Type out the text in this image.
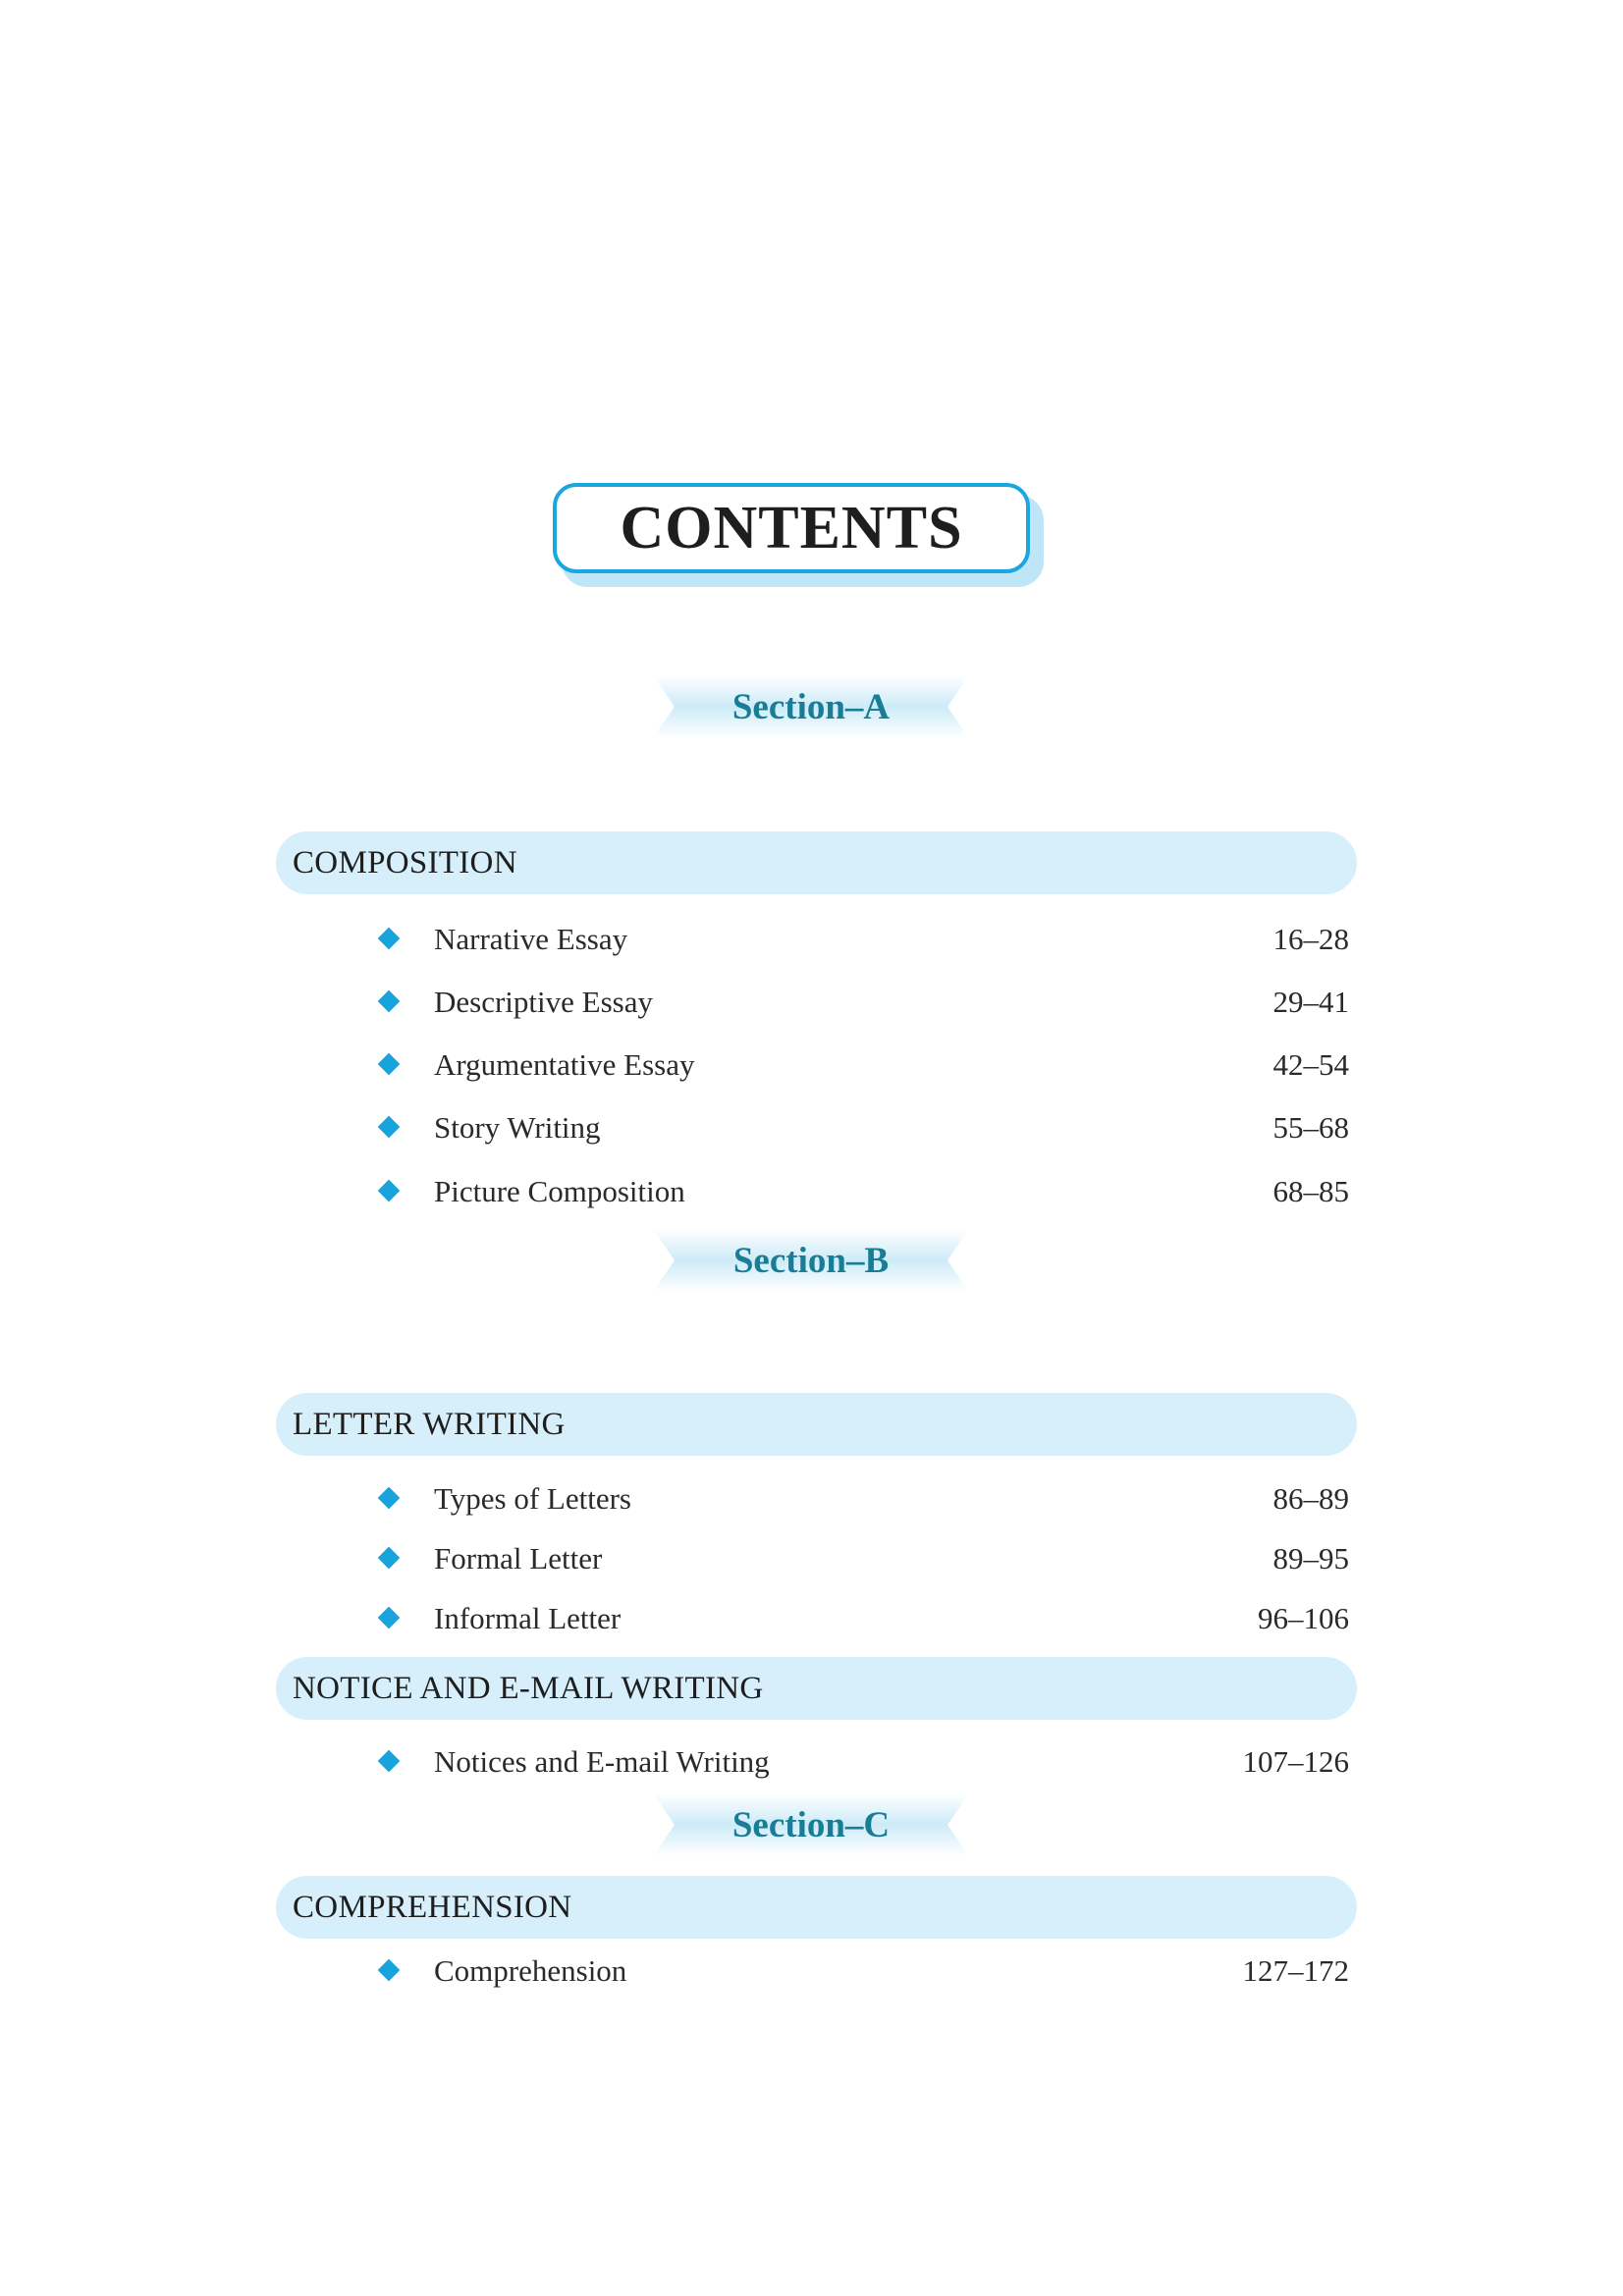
CONTENTS
Section–A
COMPOSITION
Narrative Essay	16–28
Descriptive Essay	29–41
Argumentative Essay	42–54
Story Writing	55–68
Picture Composition	68–85
Section–B
LETTER WRITING
Types of Letters	86–89
Formal Letter	89–95
Informal Letter	96–106
NOTICE AND E-MAIL WRITING
Notices and E-mail Writing	107–126
Section–C
COMPREHENSION
Comprehension	127–172
